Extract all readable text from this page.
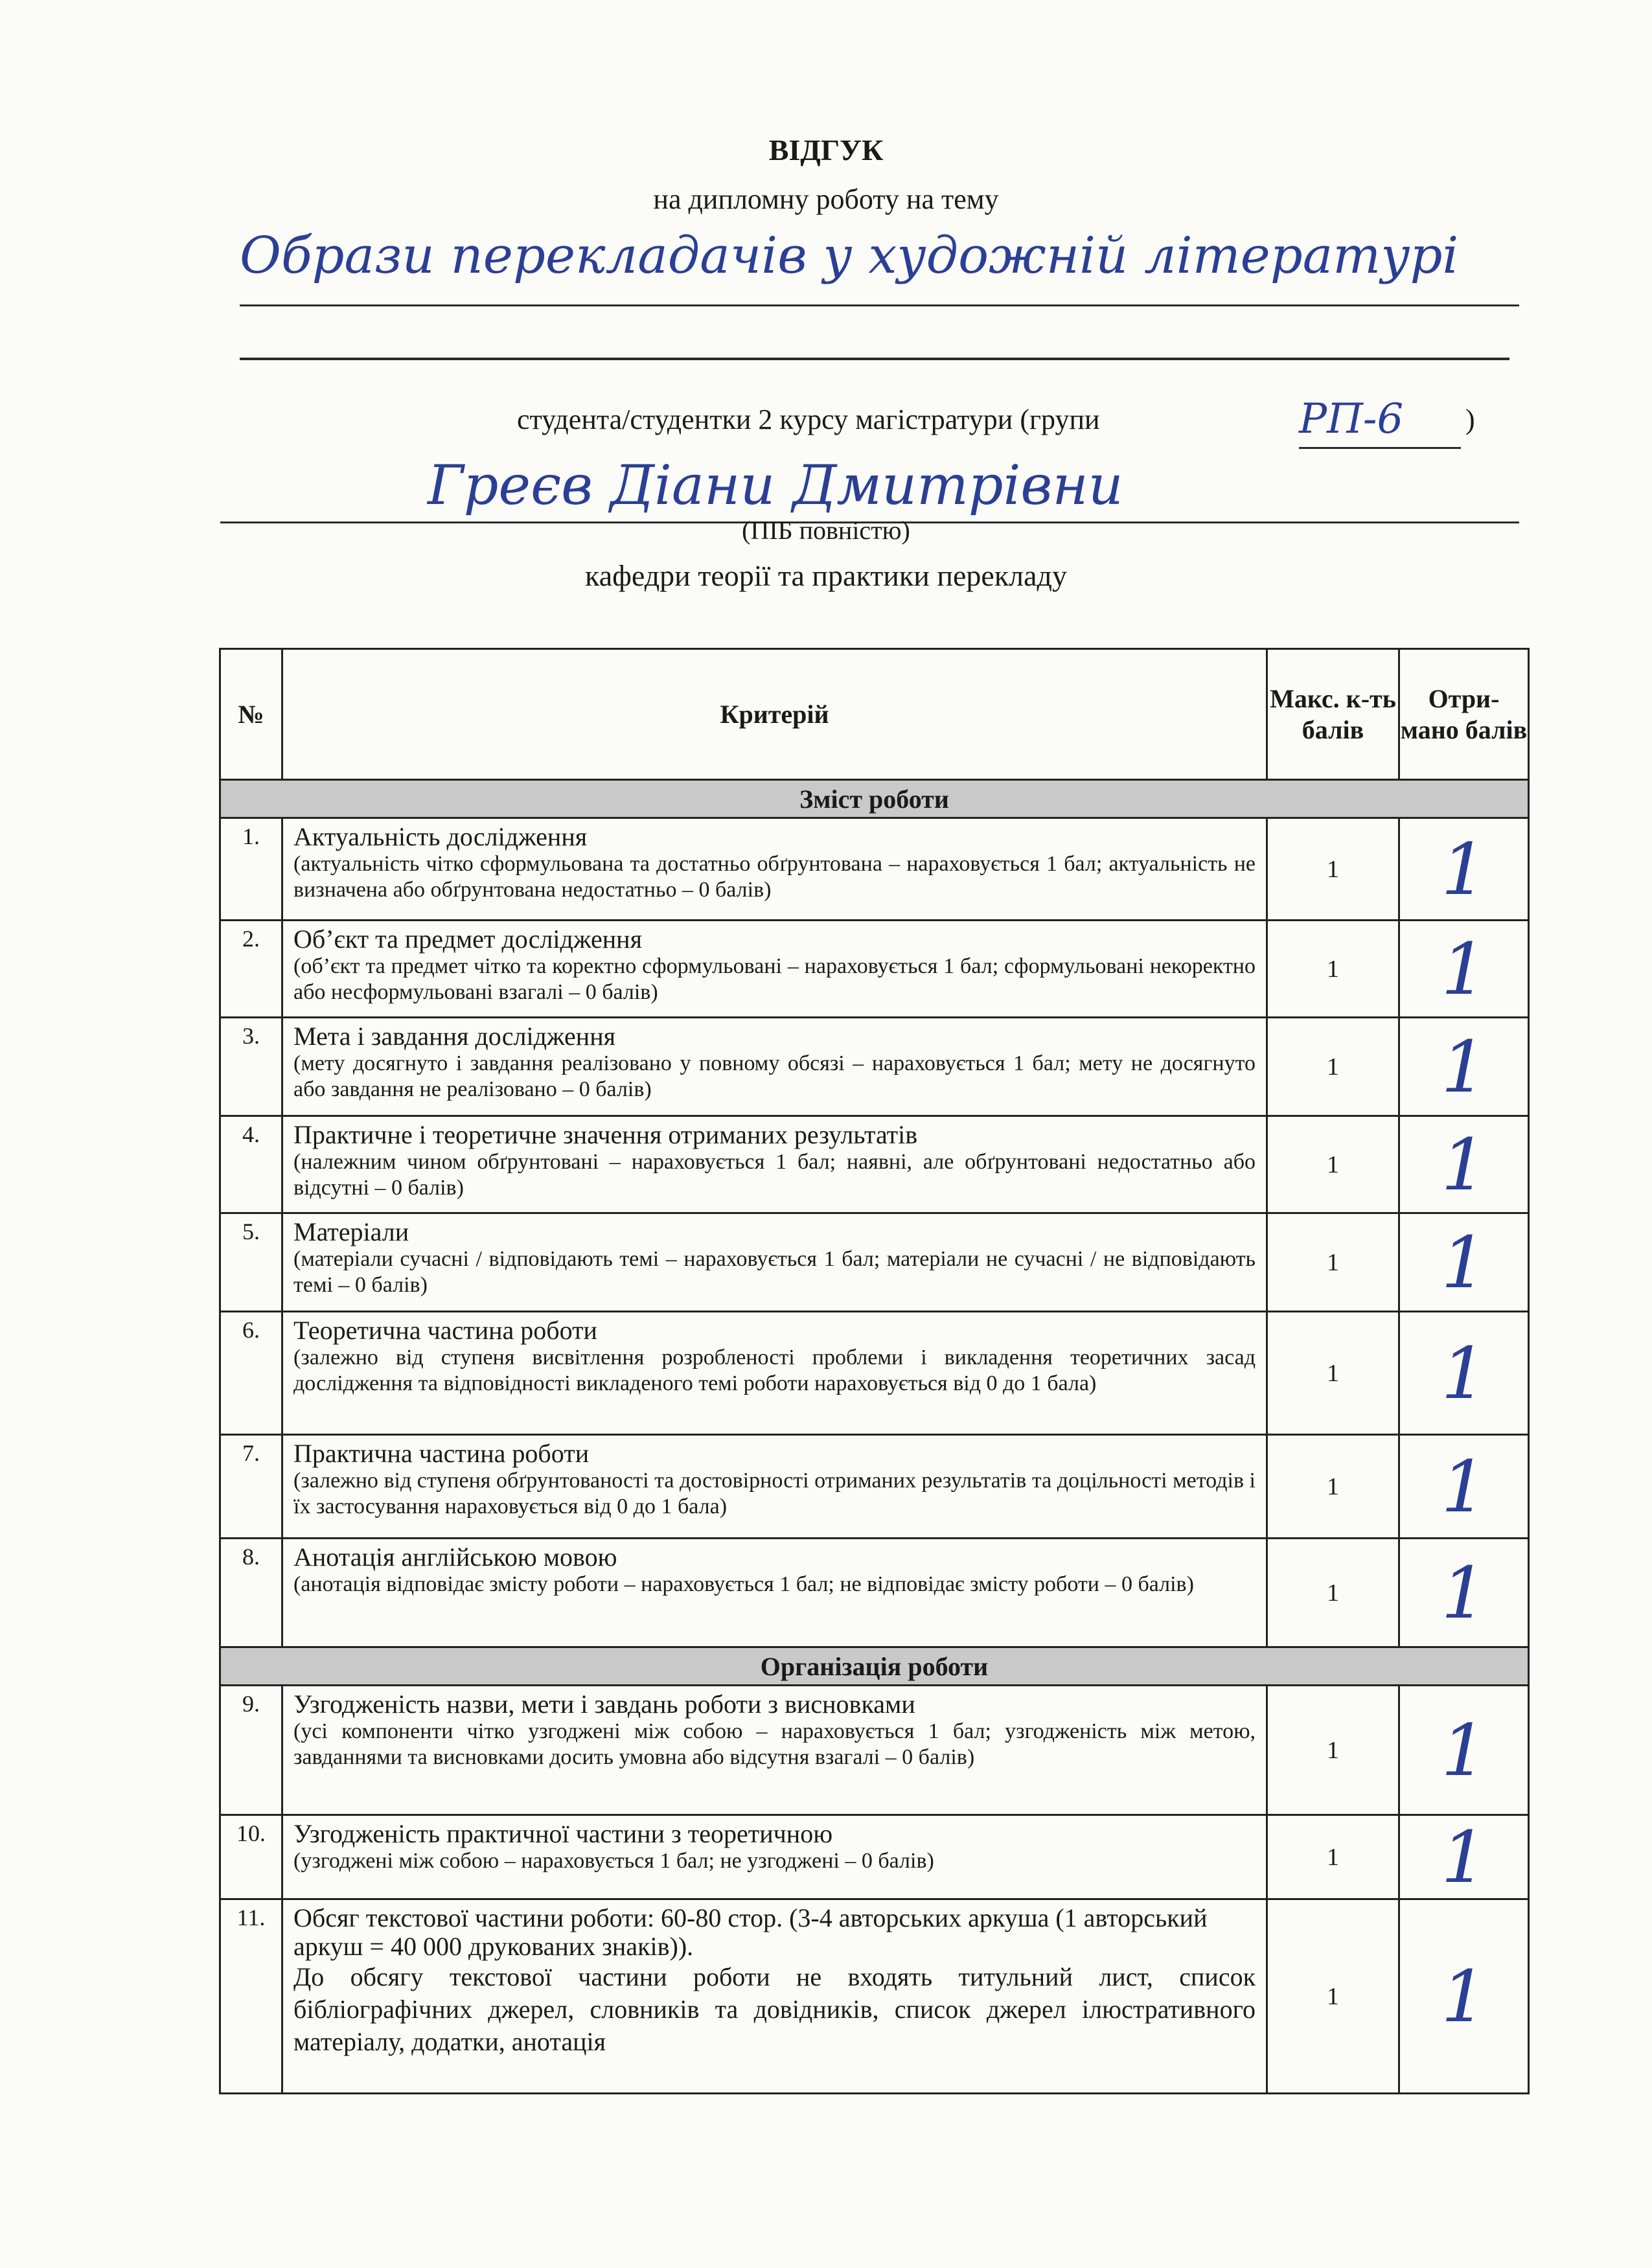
ВІДГУК
на дипломну роботу на тему
Образи перекладачів у художній літературі
студента/студентки 2 курсу магістратури (групи	РП-6 )
Греєв Діани Дмитрівни
(ПІБ повністю)
кафедри теорії та практики перекладу
№	Критерій	Макс. к-ть балів	Отри-мано балів
Зміст роботи			
1.	Актуальність дослідження
(актуальність чітко сформульована та достатньо обґрунтована – нараховується 1 бал; актуальність не визначена або обґрунтована недостатньо – 0 балів)	1	1
2.	Об’єкт та предмет дослідження
(об’єкт та предмет чітко та коректно сформульовані – нараховується 1 бал; сформульовані некоректно або несформульовані взагалі – 0 балів)	1	1
3.	Мета і завдання дослідження
(мету досягнуто і завдання реалізовано у повному обсязі – нараховується 1 бал; мету не досягнуто або завдання не реалізовано – 0 балів)	1	1
4.	Практичне і теоретичне значення отриманих результатів
(належним чином обґрунтовані – нараховується 1 бал; наявні, але обґрунтовані недостатньо або відсутні – 0 балів)	1	1
5.	Матеріали
(матеріали сучасні / відповідають темі – нараховується 1 бал; матеріали не сучасні / не відповідають темі – 0 балів)	1	1
6.	Теоретична частина роботи
(залежно від ступеня висвітлення розробленості проблеми і викладення теоретичних засад дослідження та відповідності викладеного темі роботи нараховується від 0 до 1 бала)	1	1
7.	Практична частина роботи
(залежно від ступеня обґрунтованості та достовірності отриманих результатів та доцільності методів і їх застосування нараховується від 0 до 1 бала)	1	1
8.	Анотація англійською мовою
(анотація відповідає змісту роботи – нараховується 1 бал; не відповідає змісту роботи – 0 балів)	1	1
Організація роботи			
9.	Узгодженість назви, мети і завдань роботи з висновками
(усі компоненти чітко узгоджені між собою – нараховується 1 бал; узгодженість між метою, завданнями та висновками досить умовна або відсутня взагалі – 0 балів)	1	1
10.	Узгодженість практичної частини з теоретичною
(узгоджені між собою – нараховується 1 бал; не узгоджені – 0 балів)	1	1
11.	Обсяг текстової частини роботи: 60-80 стор. (3-4 авторських аркуша (1 авторський аркуш = 40 000 друкованих знаків)).
До обсягу текстової частини роботи не входять титульний лист, список бібліографічних джерел, словників та довідників, список джерел ілюстративного матеріалу, додатки, анотація	1	1
